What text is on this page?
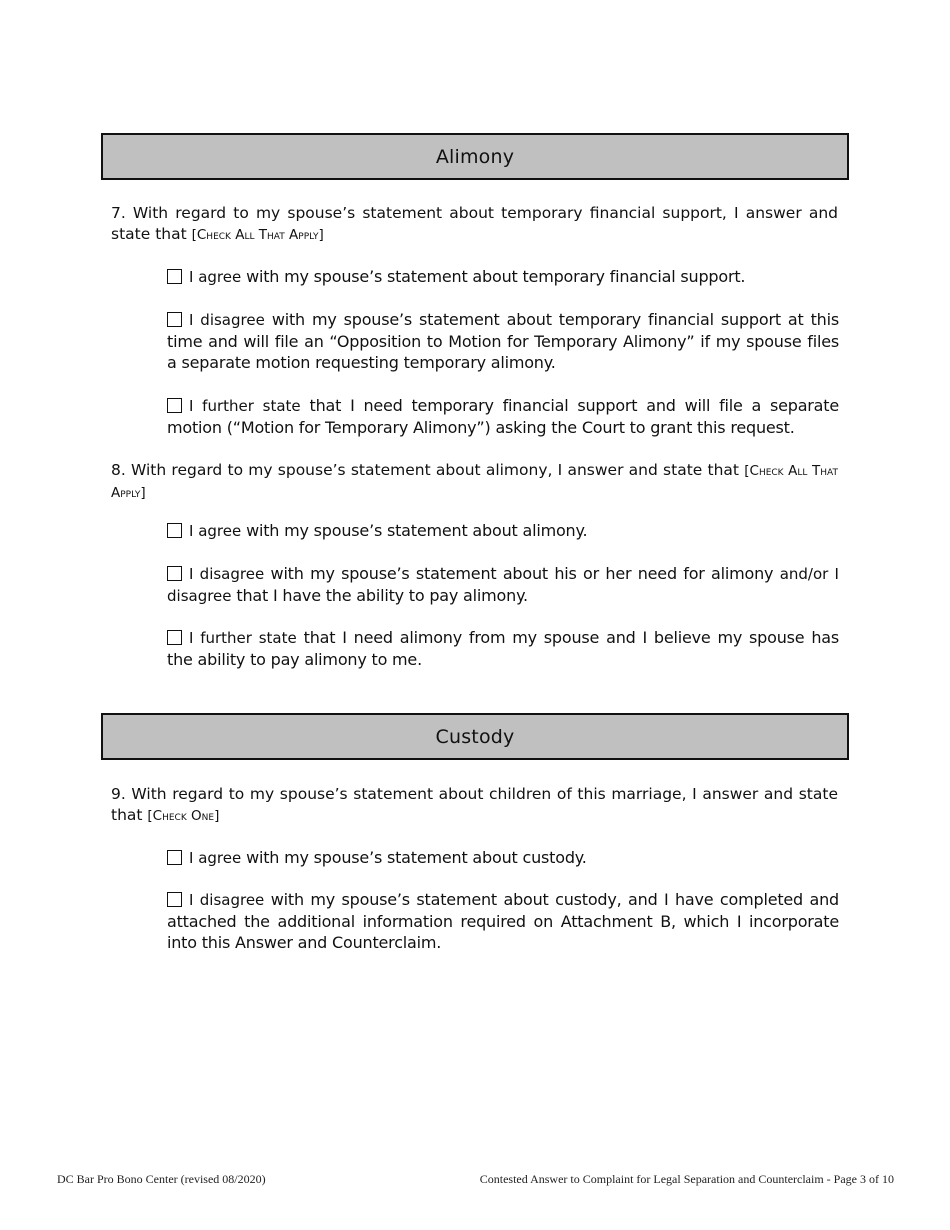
Alimony
7. With regard to my spouse’s statement about temporary financial support, I answer and state that [Check All That Apply]
I agree with my spouse’s statement about temporary financial support.
I disagree with my spouse’s statement about temporary financial support at this time and will file an “Opposition to Motion for Temporary Alimony” if my spouse files a separate motion requesting temporary alimony.
I further state that I need temporary financial support and will file a separate motion (“Motion for Temporary Alimony”) asking the Court to grant this request.
8. With regard to my spouse’s statement about alimony, I answer and state that [Check All That Apply]
I agree with my spouse’s statement about alimony.
I disagree with my spouse’s statement about his or her need for alimony and/or I disagree that I have the ability to pay alimony.
I further state that I need alimony from my spouse and I believe my spouse has the ability to pay alimony to me.
Custody
9. With regard to my spouse’s statement about children of this marriage, I answer and state that [Check One]
I agree with my spouse’s statement about custody.
I disagree with my spouse’s statement about custody, and I have completed and attached the additional information required on Attachment B, which I incorporate into this Answer and Counterclaim.
DC Bar Pro Bono Center (revised 08/2020)	Contested Answer to Complaint for Legal Separation and Counterclaim - Page 3 of 10
